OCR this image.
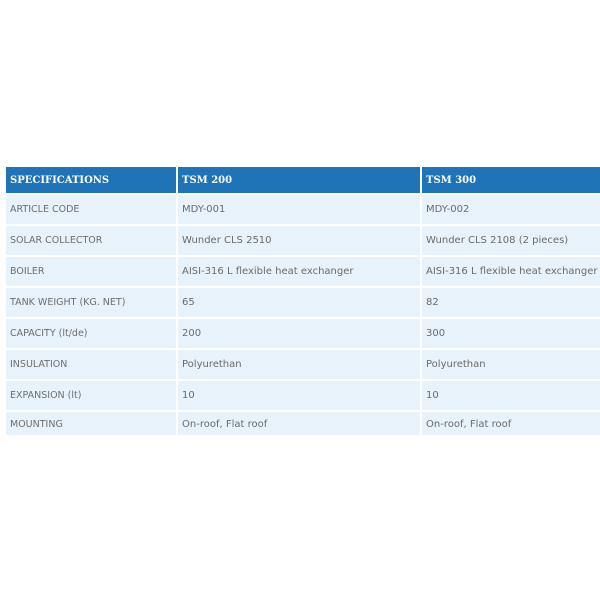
SPECIFICATIONS	TSM 200	TSM 300
ARTICLE CODE	MDY-001	MDY-002
SOLAR COLLECTOR	Wunder CLS 2510	Wunder CLS 2108 (2 pieces)
BOILER	AISI-316 L flexible heat exchanger	AISI-316 L flexible heat exchanger
TANK WEIGHT (KG. NET)	65	82
CAPACITY (lt/de)	200	300
INSULATION	Polyurethan	Polyurethan
EXPANSION (lt)	10	10
MOUNTING	On-roof, Flat roof	On-roof, Flat roof
